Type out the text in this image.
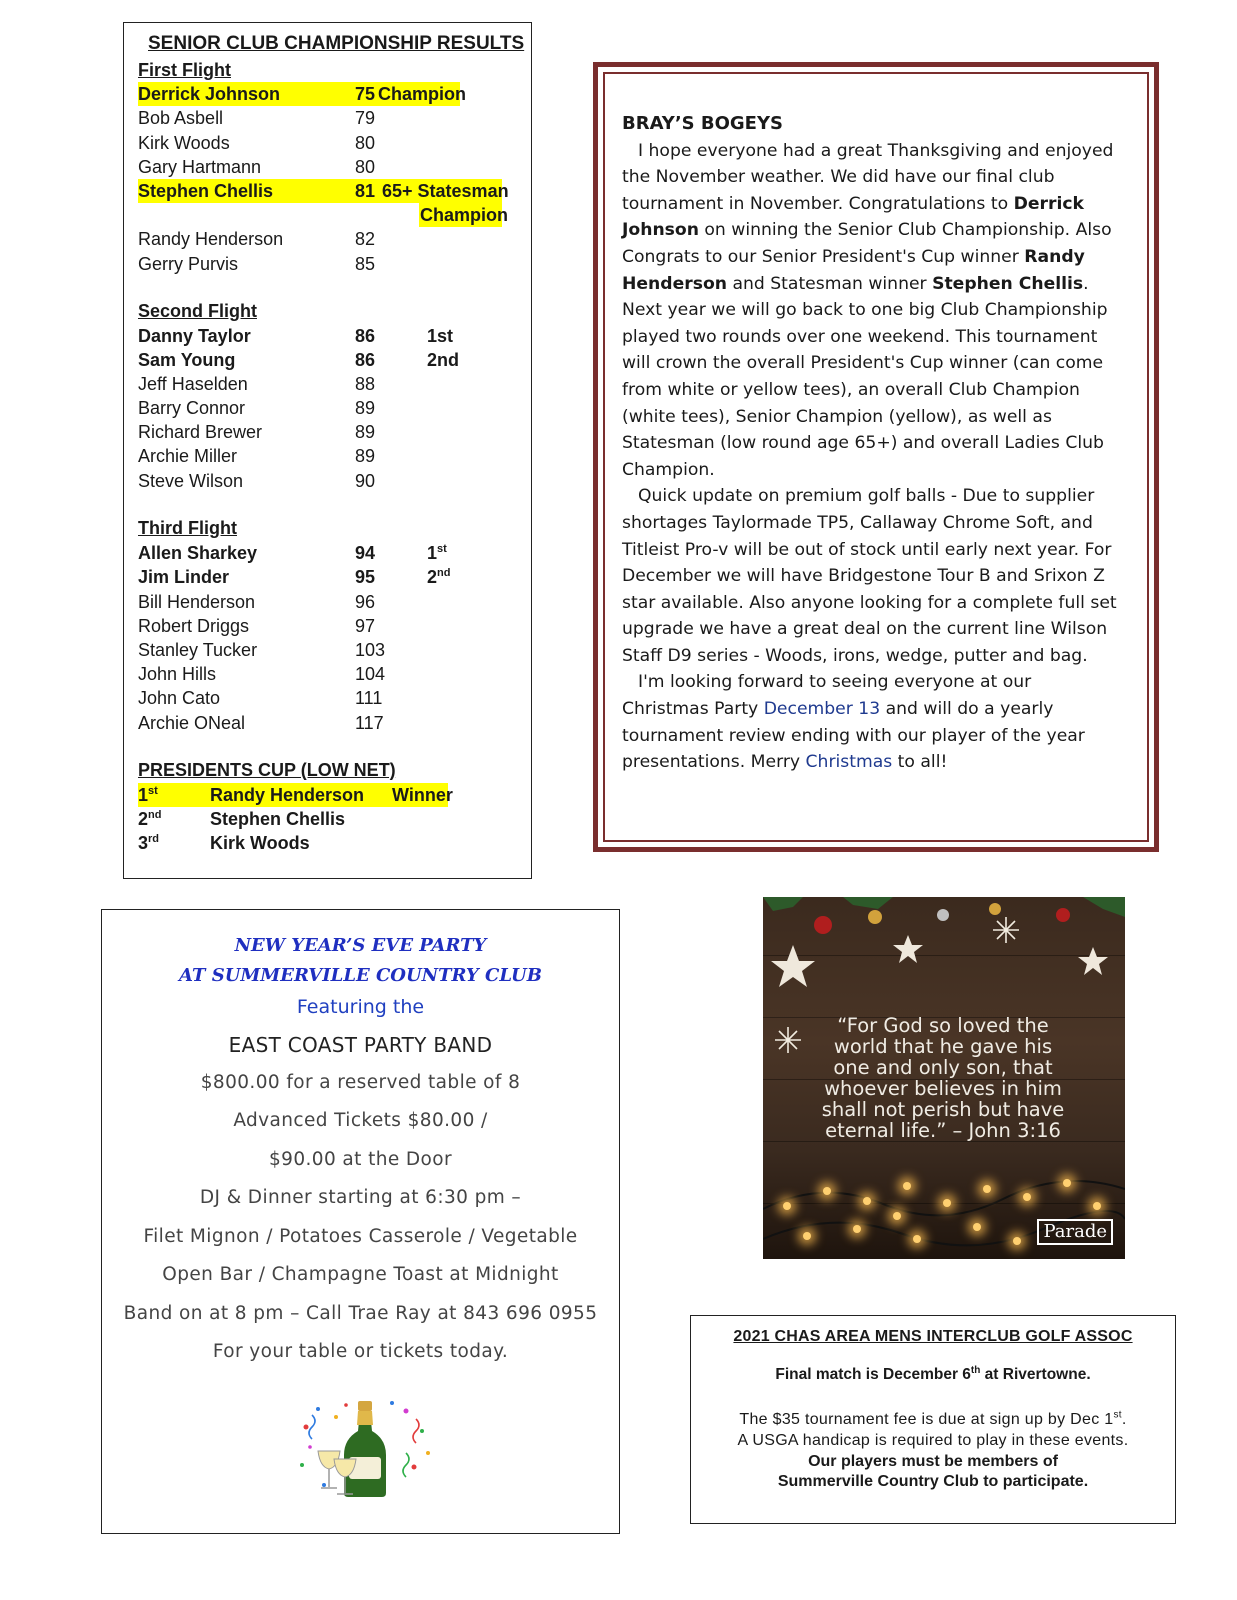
SENIOR CLUB CHAMPIONSHIP RESULTS
First Flight
Derrick Johnson	75 Champion
Bob Asbell	79
Kirk Woods	80
Gary Hartmann	80
Stephen Chellis	81 65+ Statesman
Champion
Randy Henderson	82
Gerry Purvis	85
Second Flight
Danny Taylor	86	1st
Sam Young	86	2nd
Jeff Haselden	88
Barry Connor	89
Richard Brewer	89
Archie Miller	89
Steve Wilson	90
Third Flight
Allen Sharkey	94	1st
Jim Linder	95	2nd
Bill Henderson	96
Robert Driggs	97
Stanley Tucker	103
John Hills	104
John Cato	111
Archie ONeal	117
PRESIDENTS CUP (LOW NET)
1st	Randy Henderson Winner
2nd	Stephen Chellis
3rd	Kirk Woods
BRAY’S BOGEYS

I hope everyone had a great Thanksgiving and enjoyed the November weather. We did have our final club tournament in November. Congratulations to Derrick Johnson on winning the Senior Club Championship. Also Congrats to our Senior President's Cup winner Randy Henderson and Statesman winner Stephen Chellis. Next year we will go back to one big Club Championship played two rounds over one weekend. This tournament will crown the overall President's Cup winner (can come from white or yellow tees), an overall Club Champion (white tees), Senior Champion (yellow), as well as Statesman (low round age 65+) and overall Ladies Club Champion.

Quick update on premium golf balls - Due to supplier shortages Taylormade TP5, Callaway Chrome Soft, and Titleist Pro-v will be out of stock until early next year. For December we will have Bridgestone Tour B and Srixon Z star available. Also anyone looking for a complete full set upgrade we have a great deal on the current line Wilson Staff D9 series - Woods, irons, wedge, putter and bag.

I'm looking forward to seeing everyone at our Christmas Party December 13 and will do a yearly tournament review ending with our player of the year presentations. Merry Christmas to all!

NEW YEAR’S EVE PARTY
AT SUMMERVILLE COUNTRY CLUB
Featuring the
EAST COAST PARTY BAND
$800.00 for a reserved table of 8
Advanced Tickets $80.00 /
$90.00 at the Door
DJ & Dinner starting at 6:30 pm –
Filet Mignon / Potatoes Casserole / Vegetable
Open Bar / Champagne Toast at Midnight
Band on at 8 pm – Call Trae Ray at 843 696 0955
For your table or tickets today.
“For God so loved the
world that he gave his
one and only son, that
whoever believes in him
shall not perish but have
eternal life.” – John 3:16
Parade
2021 CHAS AREA MENS INTERCLUB GOLF ASSOC
Final match is December 6th at Rivertowne.
The $35 tournament fee is due at sign up by Dec 1st.
A USGA handicap is required to play in these events.
Our players must be members of
Summerville Country Club to participate.
